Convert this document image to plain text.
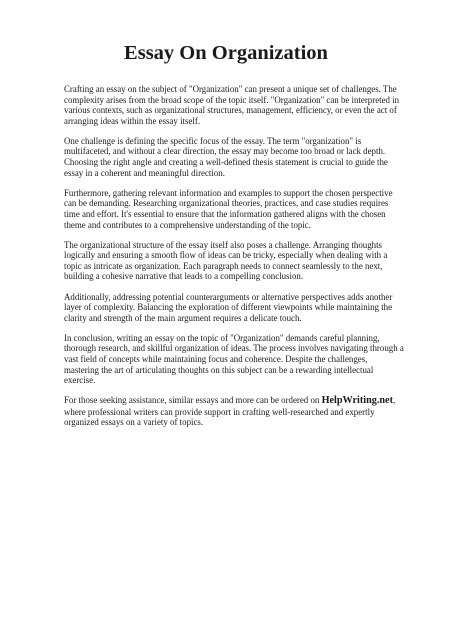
Essay On Organization

Crafting an essay on the subject of "Organization" can present a unique set of challenges. The complexity arises from the broad scope of the topic itself. "Organization" can be interpreted in various contexts, such as organizational structures, management, efficiency, or even the act of arranging ideas within the essay itself.

One challenge is defining the specific focus of the essay. The term "organization" is multifaceted, and without a clear direction, the essay may become too broad or lack depth. Choosing the right angle and creating a well-defined thesis statement is crucial to guide the essay in a coherent and meaningful direction.

Furthermore, gathering relevant information and examples to support the chosen perspective can be demanding. Researching organizational theories, practices, and case studies requires time and effort. It's essential to ensure that the information gathered aligns with the chosen theme and contributes to a comprehensive understanding of the topic.

The organizational structure of the essay itself also poses a challenge. Arranging thoughts logically and ensuring a smooth flow of ideas can be tricky, especially when dealing with a topic as intricate as organization. Each paragraph needs to connect seamlessly to the next, building a cohesive narrative that leads to a compelling conclusion.

Additionally, addressing potential counterarguments or alternative perspectives adds another layer of complexity. Balancing the exploration of different viewpoints while maintaining the clarity and strength of the main argument requires a delicate touch.

In conclusion, writing an essay on the topic of "Organization" demands careful planning, thorough research, and skillful organization of ideas. The process involves navigating through a vast field of concepts while maintaining focus and coherence. Despite the challenges, mastering the art of articulating thoughts on this subject can be a rewarding intellectual exercise.

For those seeking assistance, similar essays and more can be ordered on HelpWriting.net, where professional writers can provide support in crafting well-researched and expertly organized essays on a variety of topics.
